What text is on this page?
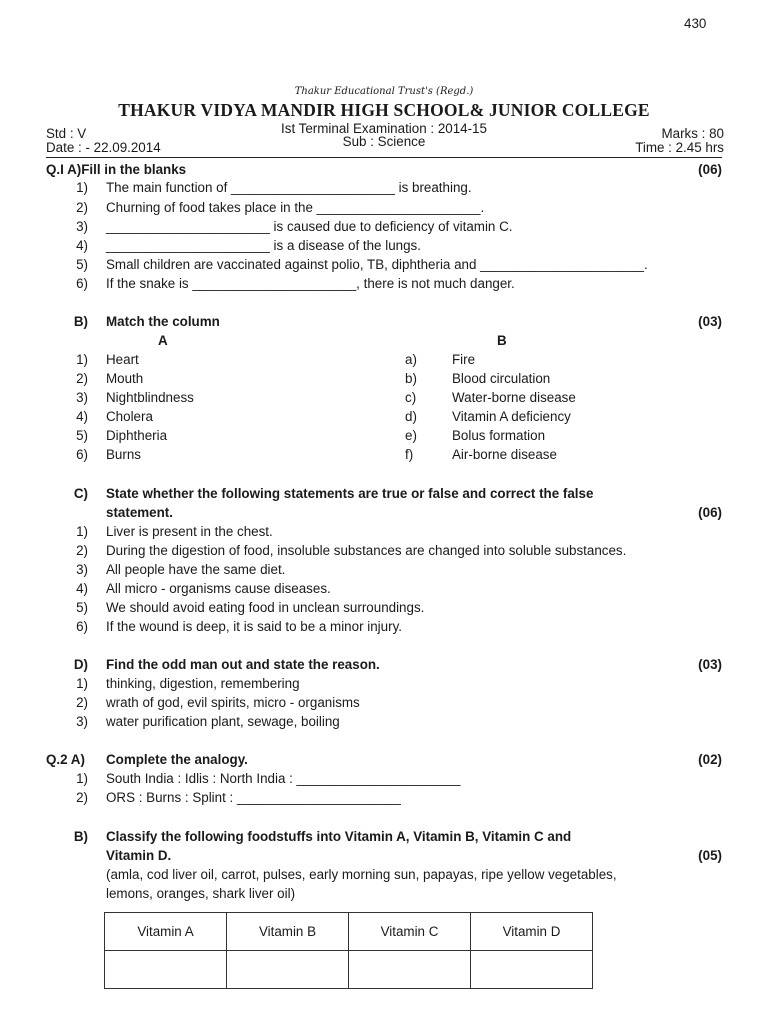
430
Thakur Educational Trust's (Regd.)
THAKUR VIDYA MANDIR HIGH SCHOOL& JUNIOR COLLEGE
Ist Terminal Examination : 2014-15
Sub : Science
Std : V
Date : - 22.09.2014
Marks : 80
Time : 2.45 hrs
Q.I A)Fill in the blanks	(06)
1) The main function of ______________________ is breathing.
2) Churning of food takes place in the ______________________.
3) ______________________ is caused due to deficiency of vitamin C.
4) ______________________ is a disease of the lungs.
5) Small children are vaccinated against polio, TB, diphtheria and ______________________.
6) If the snake is ______________________, there is not much danger.
B) Match the column	(03)
A	B
1) Heart	a)	Fire
2) Mouth	b)	Blood circulation
3) Nightblindness	c)	Water-borne disease
4) Cholera	d)	Vitamin A deficiency
5) Diphtheria	e)	Bolus formation
6) Burns	f)	Air-borne disease
C) State whether the following statements are true or false and correct the false
statement.	(06)
1) Liver is present in the chest.
2) During the digestion of food, insoluble substances are changed into soluble substances.
3) All people have the same diet.
4) All micro - organisms cause diseases.
5) We should avoid eating food in unclean surroundings.
6) If the wound is deep, it is said to be a minor injury.
D) Find the odd man out and state the reason.	(03)
1) thinking, digestion, remembering
2) wrath of god, evil spirits, micro - organisms
3) water purification plant, sewage, boiling
Q.2 A) Complete the analogy.	(02)
1) South India : Idlis : North India : ______________________
2) ORS : Burns : Splint : ______________________
B) Classify the following foodstuffs into Vitamin A, Vitamin B, Vitamin C and
Vitamin D.	(05)
(amla, cod liver oil, carrot, pulses, early morning sun, papayas, ripe yellow vegetables,
lemons, oranges, shark liver oil)
Vitamin A	Vitamin B	Vitamin C	Vitamin D
